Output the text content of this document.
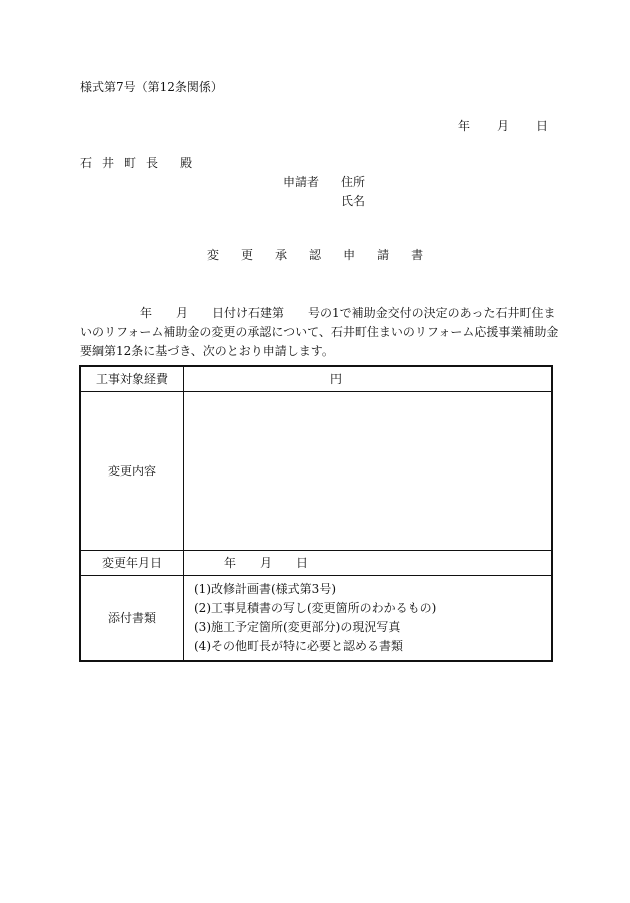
様式第7号（第12条関係）
年 月 日
石 井 町 長 殿
申請者 住所
氏名
変 更 承 認 申 請 書
　　　　　年　　月　　日付け石建第　　号の1で補助金交付の決定のあった石井町住ま
いのリフォーム補助金の変更の承認について、石井町住まいのリフォーム応援事業補助金
要綱第12条に基づき、次のとおり申請します。
工事対象経費	円
変更内容	
変更年月日	年 月 日
添付書類	(1)改修計画書(様式第3号)
(2)工事見積書の写し(変更箇所のわかるもの)
(3)施工予定箇所(変更部分)の現況写真
(4)その他町長が特に必要と認める書類
